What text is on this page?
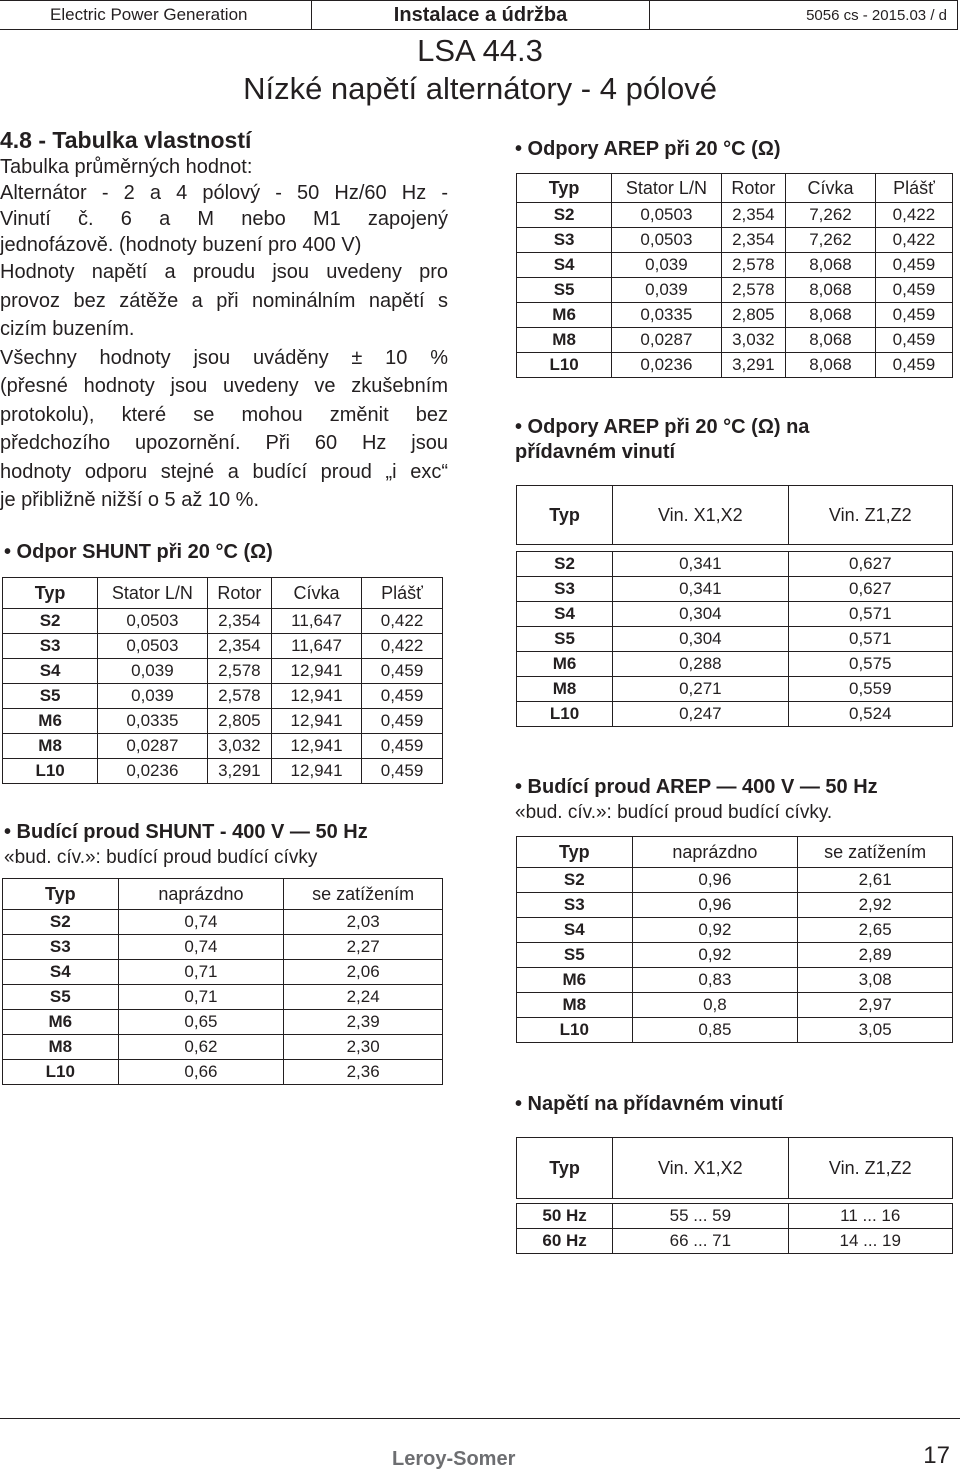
Electric Power Generation	Instalace a údržba	5056 cs - 2015.03 / d
LSA 44.3
Nízké napětí alternátory - 4 pólové
4.8 - Tabulka vlastností
Tabulka průměrných hodnot:
Alternátor - 2 a 4 pólový - 50 Hz/60 Hz -
Vinutí č. 6 a M nebo M1 zapojený
jednofázově. (hodnoty buzení pro 400 V)
Hodnoty napětí a proudu jsou uvedeny pro
provoz bez zátěže a při nominálním napětí s
cizím buzením.
Všechny hodnoty jsou uváděny ± 10 %
(přesné hodnoty jsou uvedeny ve zkušebním
protokolu), které se mohou změnit bez
předchozího upozornění. Při 60 Hz jsou
hodnoty odporu stejné a budící proud „i exc“
je přibližně nižší o 5 až 10 %.
• Odpor SHUNT při 20 °C (Ω)
Typ	Stator L/N	Rotor	Cívka	Plášť
S2	0,0503	2,354	11,647	0,422
S3	0,0503	2,354	11,647	0,422
S4	0,039	2,578	12,941	0,459
S5	0,039	2,578	12,941	0,459
M6	0,0335	2,805	12,941	0,459
M8	0,0287	3,032	12,941	0,459
L10	0,0236	3,291	12,941	0,459
• Budící proud SHUNT - 400 V — 50 Hz
«bud. cív.»: budící proud budící cívky
Typ	naprázdno	se zatížením
S2	0,74	2,03
S3	0,74	2,27
S4	0,71	2,06
S5	0,71	2,24
M6	0,65	2,39
M8	0,62	2,30
L10	0,66	2,36
• Odpory AREP při 20 °C (Ω)
Typ	Stator L/N	Rotor	Cívka	Plášť
S2	0,0503	2,354	7,262	0,422
S3	0,0503	2,354	7,262	0,422
S4	0,039	2,578	8,068	0,459
S5	0,039	2,578	8,068	0,459
M6	0,0335	2,805	8,068	0,459
M8	0,0287	3,032	8,068	0,459
L10	0,0236	3,291	8,068	0,459
• Odpory AREP při 20 °C (Ω) na
přídavném vinutí
Typ	Vin. X1,X2	Vin. Z1,Z2

S2	0,341	0,627
S3	0,341	0,627
S4	0,304	0,571
S5	0,304	0,571
M6	0,288	0,575
M8	0,271	0,559
L10	0,247	0,524
• Budící proud AREP — 400 V — 50 Hz
«bud. cív.»: budící proud budící cívky.
Typ	naprázdno	se zatížením
S2	0,96	2,61
S3	0,96	2,92
S4	0,92	2,65
S5	0,92	2,89
M6	0,83	3,08
M8	0,8	2,97
L10	0,85	3,05
• Napětí na přídavném vinutí
Typ	Vin. X1,X2	Vin. Z1,Z2

50 Hz	55 ... 59	11 ... 16
60 Hz	66 ... 71	14 ... 19
Leroy-Somer	17
